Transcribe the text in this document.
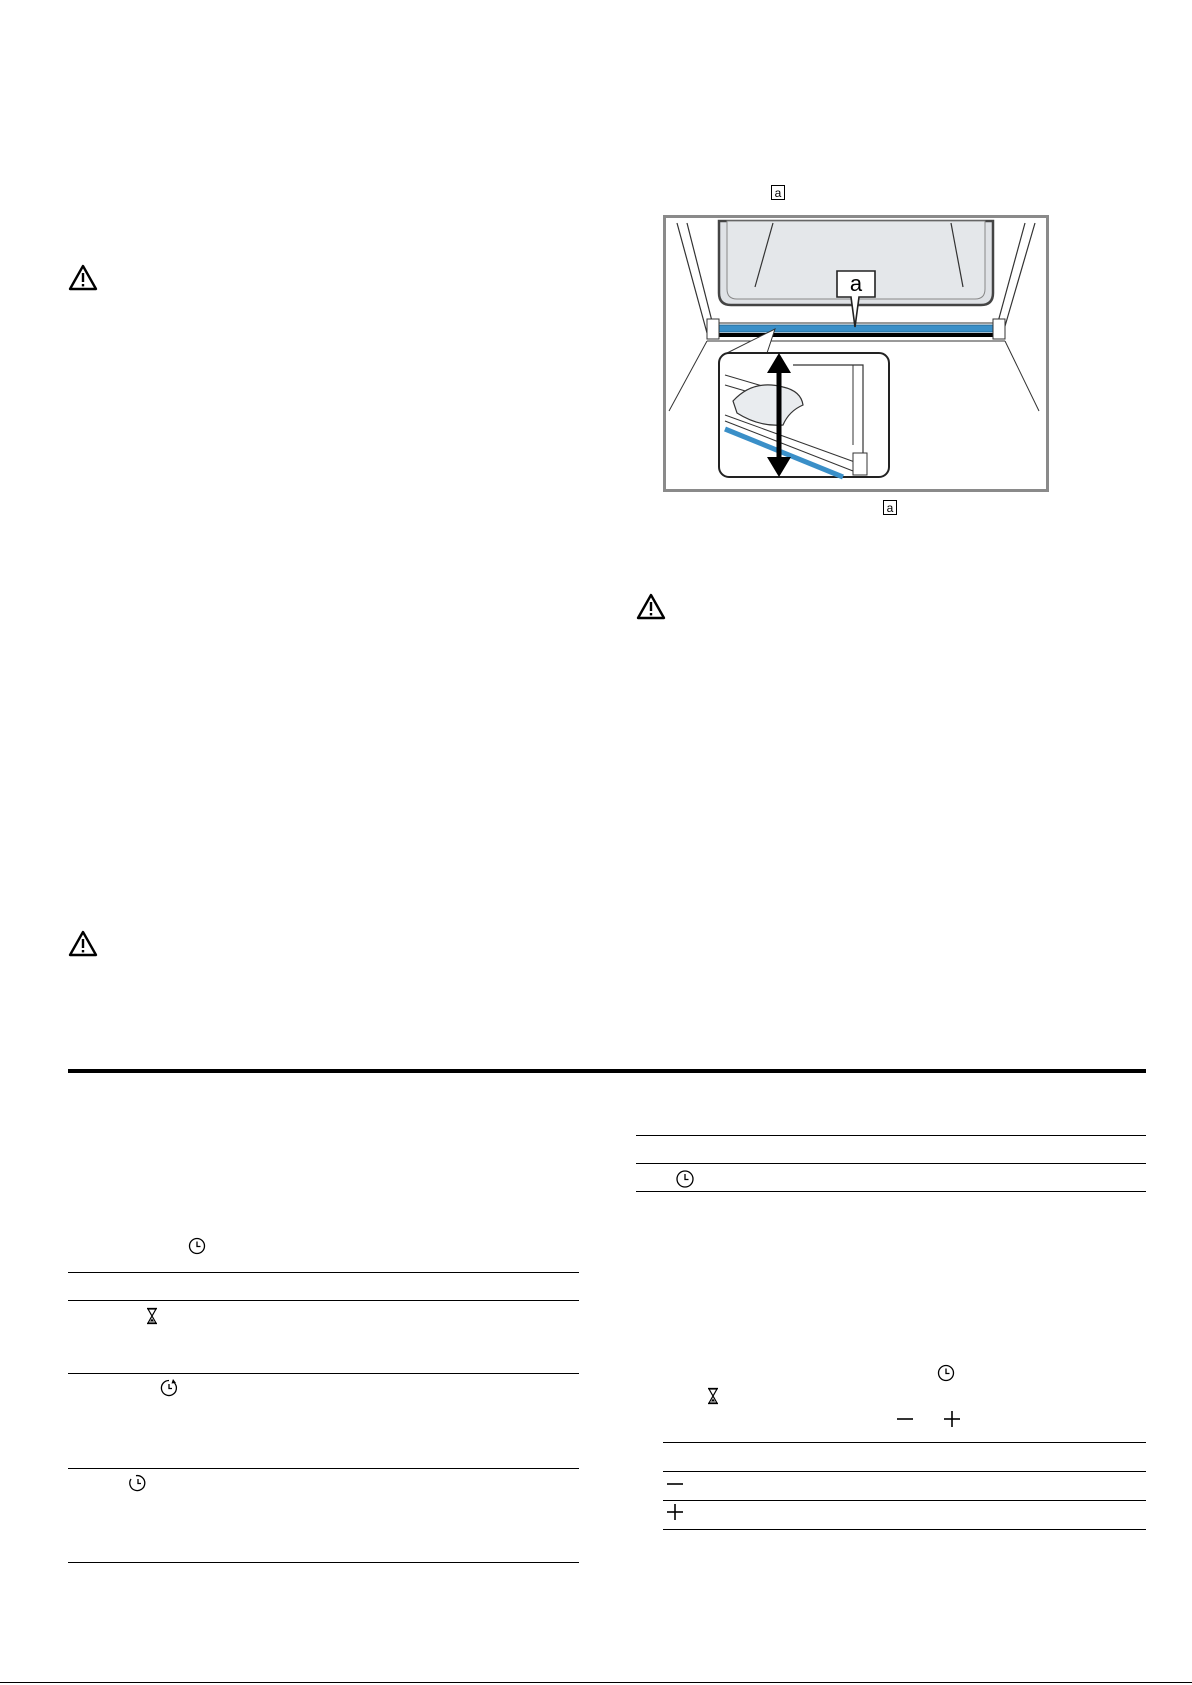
a
a
a
